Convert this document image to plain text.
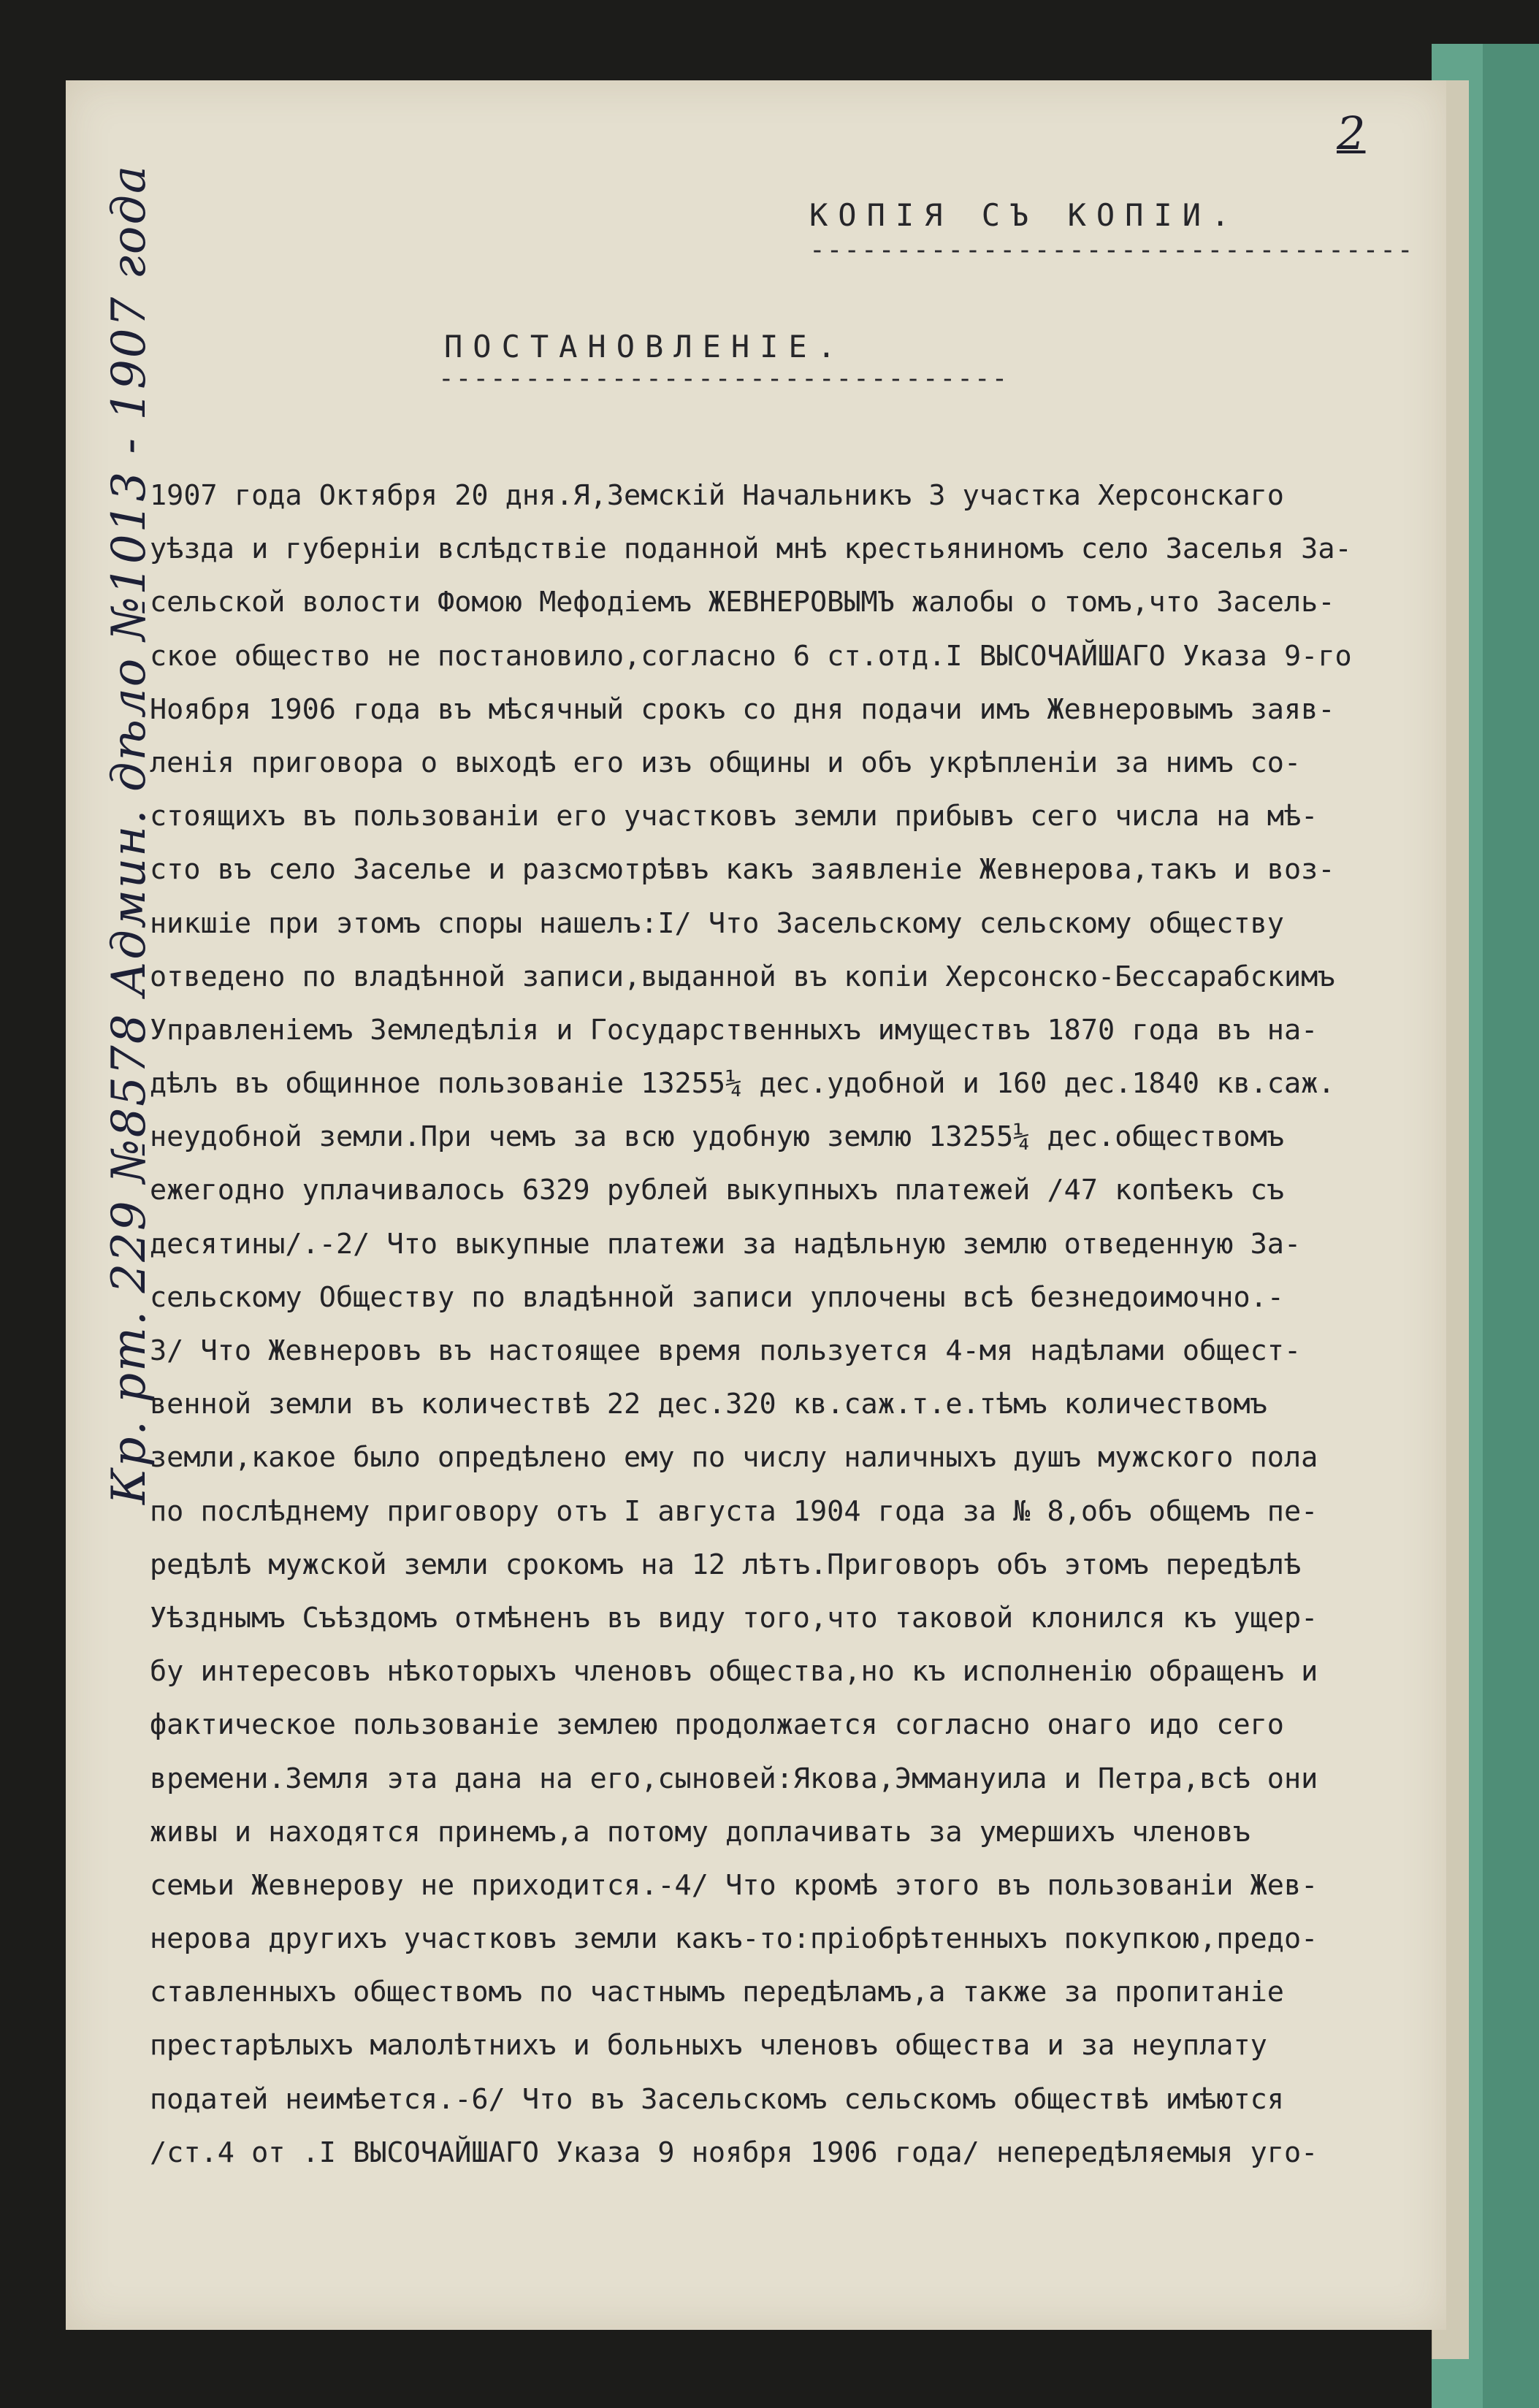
2
КОПІЯ СЪ КОПІИ.
-----------------------------------
ПОСТАНОВЛЕНІЕ.
---------------------------------
Кр. рт. 229 №8578 Админ. дѣло №1013 - 1907 года
1907 года Октября 20 дня.Я,Земскій Начальникъ 3 участка Херсонскаго
уѣзда и губерніи вслѣдствіе поданной мнѣ крестьяниномъ село Заселья За-
сельской волости Фомою Мефодіемъ ЖЕВНЕРОВЫМЪ жалобы о томъ,что Засель-
ское общество не постановило,согласно 6 ст.отд.I ВЫСОЧАЙШАГО Указа 9-го
Ноября 1906 года въ мѣсячный срокъ со дня подачи имъ Жевнеровымъ заяв-
ленія приговора о выходѣ его изъ общины и объ укрѣпленіи за нимъ со-
стоящихъ въ пользованіи его участковъ земли прибывъ сего числа на мѣ-
сто въ село Заселье и разсмотрѣвъ какъ заявленіе Жевнерова,такъ и воз-
никшіе при этомъ споры нашелъ:I/ Что Засельскому сельскому обществу
отведено по владѣнной записи,выданной въ копіи Херсонско-Бессарабскимъ
Управленіемъ Земледѣлія и Государственныхъ имуществъ 1870 года въ на-
дѣлъ въ общинное пользованіе 13255¼ дес.удобной и 160 дес.1840 кв.саж.
неудобной земли.При чемъ за всю удобную землю 13255¼ дес.обществомъ
ежегодно уплачивалось 6329 рублей выкупныхъ платежей /47 копѣекъ съ
десятины/.-2/ Что выкупные платежи за надѣльную землю отведенную За-
сельскому Обществу по владѣнной записи уплочены всѣ безнедоимочно.-
3/ Что Жевнеровъ въ настоящее время пользуется 4-мя надѣлами общест-
венной земли въ количествѣ 22 дес.320 кв.саж.т.е.тѣмъ количествомъ
земли,какое было опредѣлено ему по числу наличныхъ душъ мужского пола
по послѣднему приговору отъ I августа 1904 года за № 8,объ общемъ пе-
редѣлѣ мужской земли срокомъ на 12 лѣтъ.Приговоръ объ этомъ передѣлѣ
Уѣзднымъ Съѣздомъ отмѣненъ въ виду того,что таковой клонился къ ущер-
бу интересовъ нѣкоторыхъ членовъ общества,но къ исполненію обращенъ и
фактическое пользованіе землею продолжается согласно онаго идо сего
времени.Земля эта дана на его,сыновей:Якова,Эммануила и Петра,всѣ они
живы и находятся принемъ,а потому доплачивать за умершихъ членовъ
семьи Жевнерову не приходится.-4/ Что кромѣ этого въ пользованіи Жев-
нерова другихъ участковъ земли какъ-то:пріобрѣтенныхъ покупкою,предо-
ставленныхъ обществомъ по частнымъ передѣламъ,а также за пропитаніе
престарѣлыхъ малолѣтнихъ и больныхъ членовъ общества и за неуплату
податей неимѣется.-6/ Что въ Засельскомъ сельскомъ обществѣ имѣются
/ст.4 от .I ВЫСОЧАЙШАГО Указа 9 ноября 1906 года/ непередѣляемыя уго-
